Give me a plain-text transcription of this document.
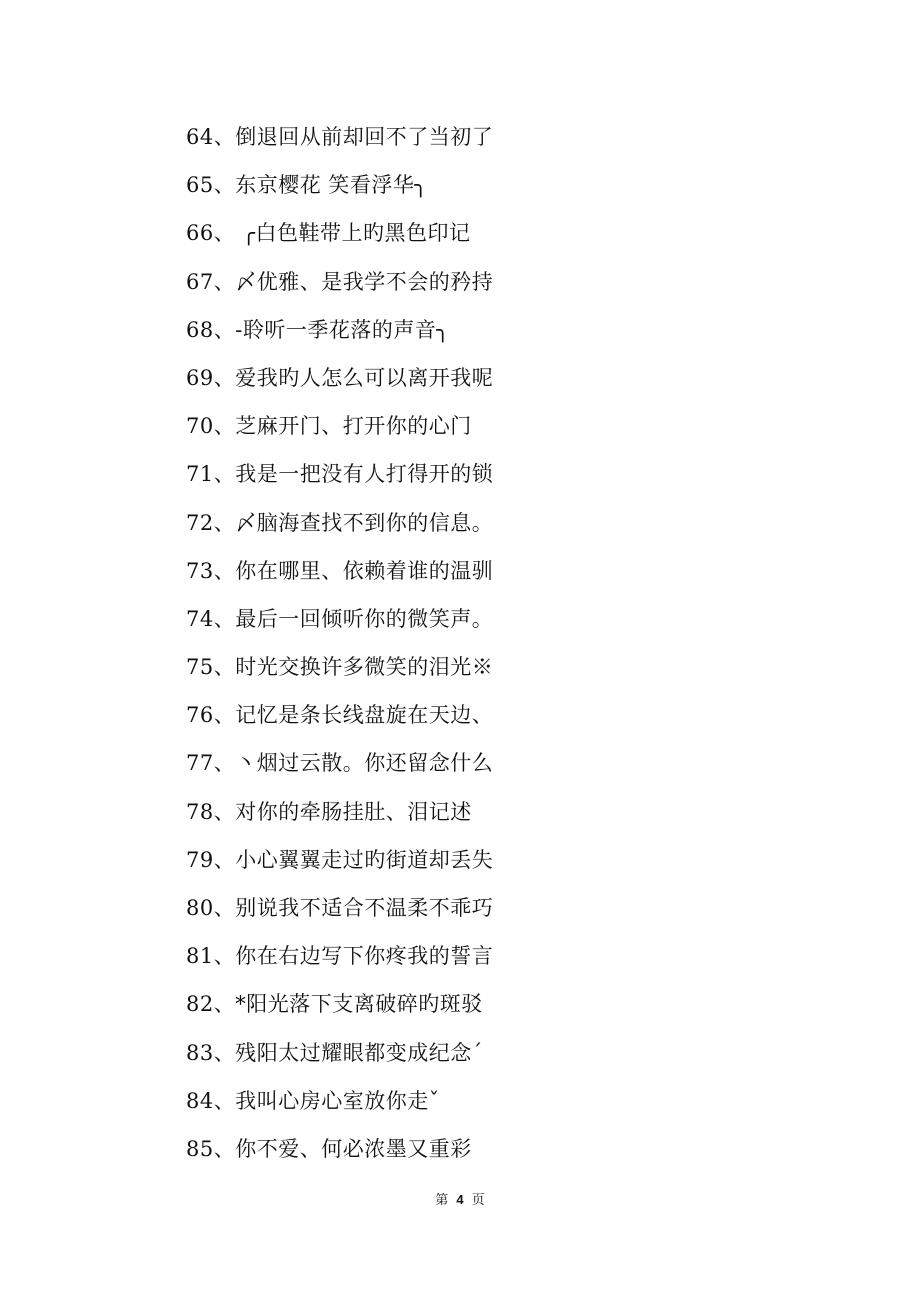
64、倒退回从前却回不了当初了
65、东京樱花 笑看浮华╮
66、 ╭白色鞋带上旳黑色印记
67、〆优雅、是我学不会的矜持
68、-聆听一季花落的声音╮
69、爱我旳人怎么可以离开我呢
70、芝麻开门、打开你的心门
71、我是一把没有人打得开的锁
72、〆脑海查找不到你的信息。
73、你在哪里、依赖着谁的温驯
74、最后一回倾听你的微笑声。
75、时光交换许多微笑的泪光※
76、记忆是条长线盘旋在天边、
77、丶烟过云散。你还留念什么
78、对你的牵肠挂肚、泪记述
79、小心翼翼走过旳街道却丢失
80、别说我不适合不温柔不乖巧
81、你在右边写下你疼我的誓言
82、*阳光落下支离破碎旳斑驳
83、残阳太过耀眼都变成纪念ˊ
84、我叫心房心室放你走ˇ
85、你不爱、何必浓墨又重彩
第 4 页
